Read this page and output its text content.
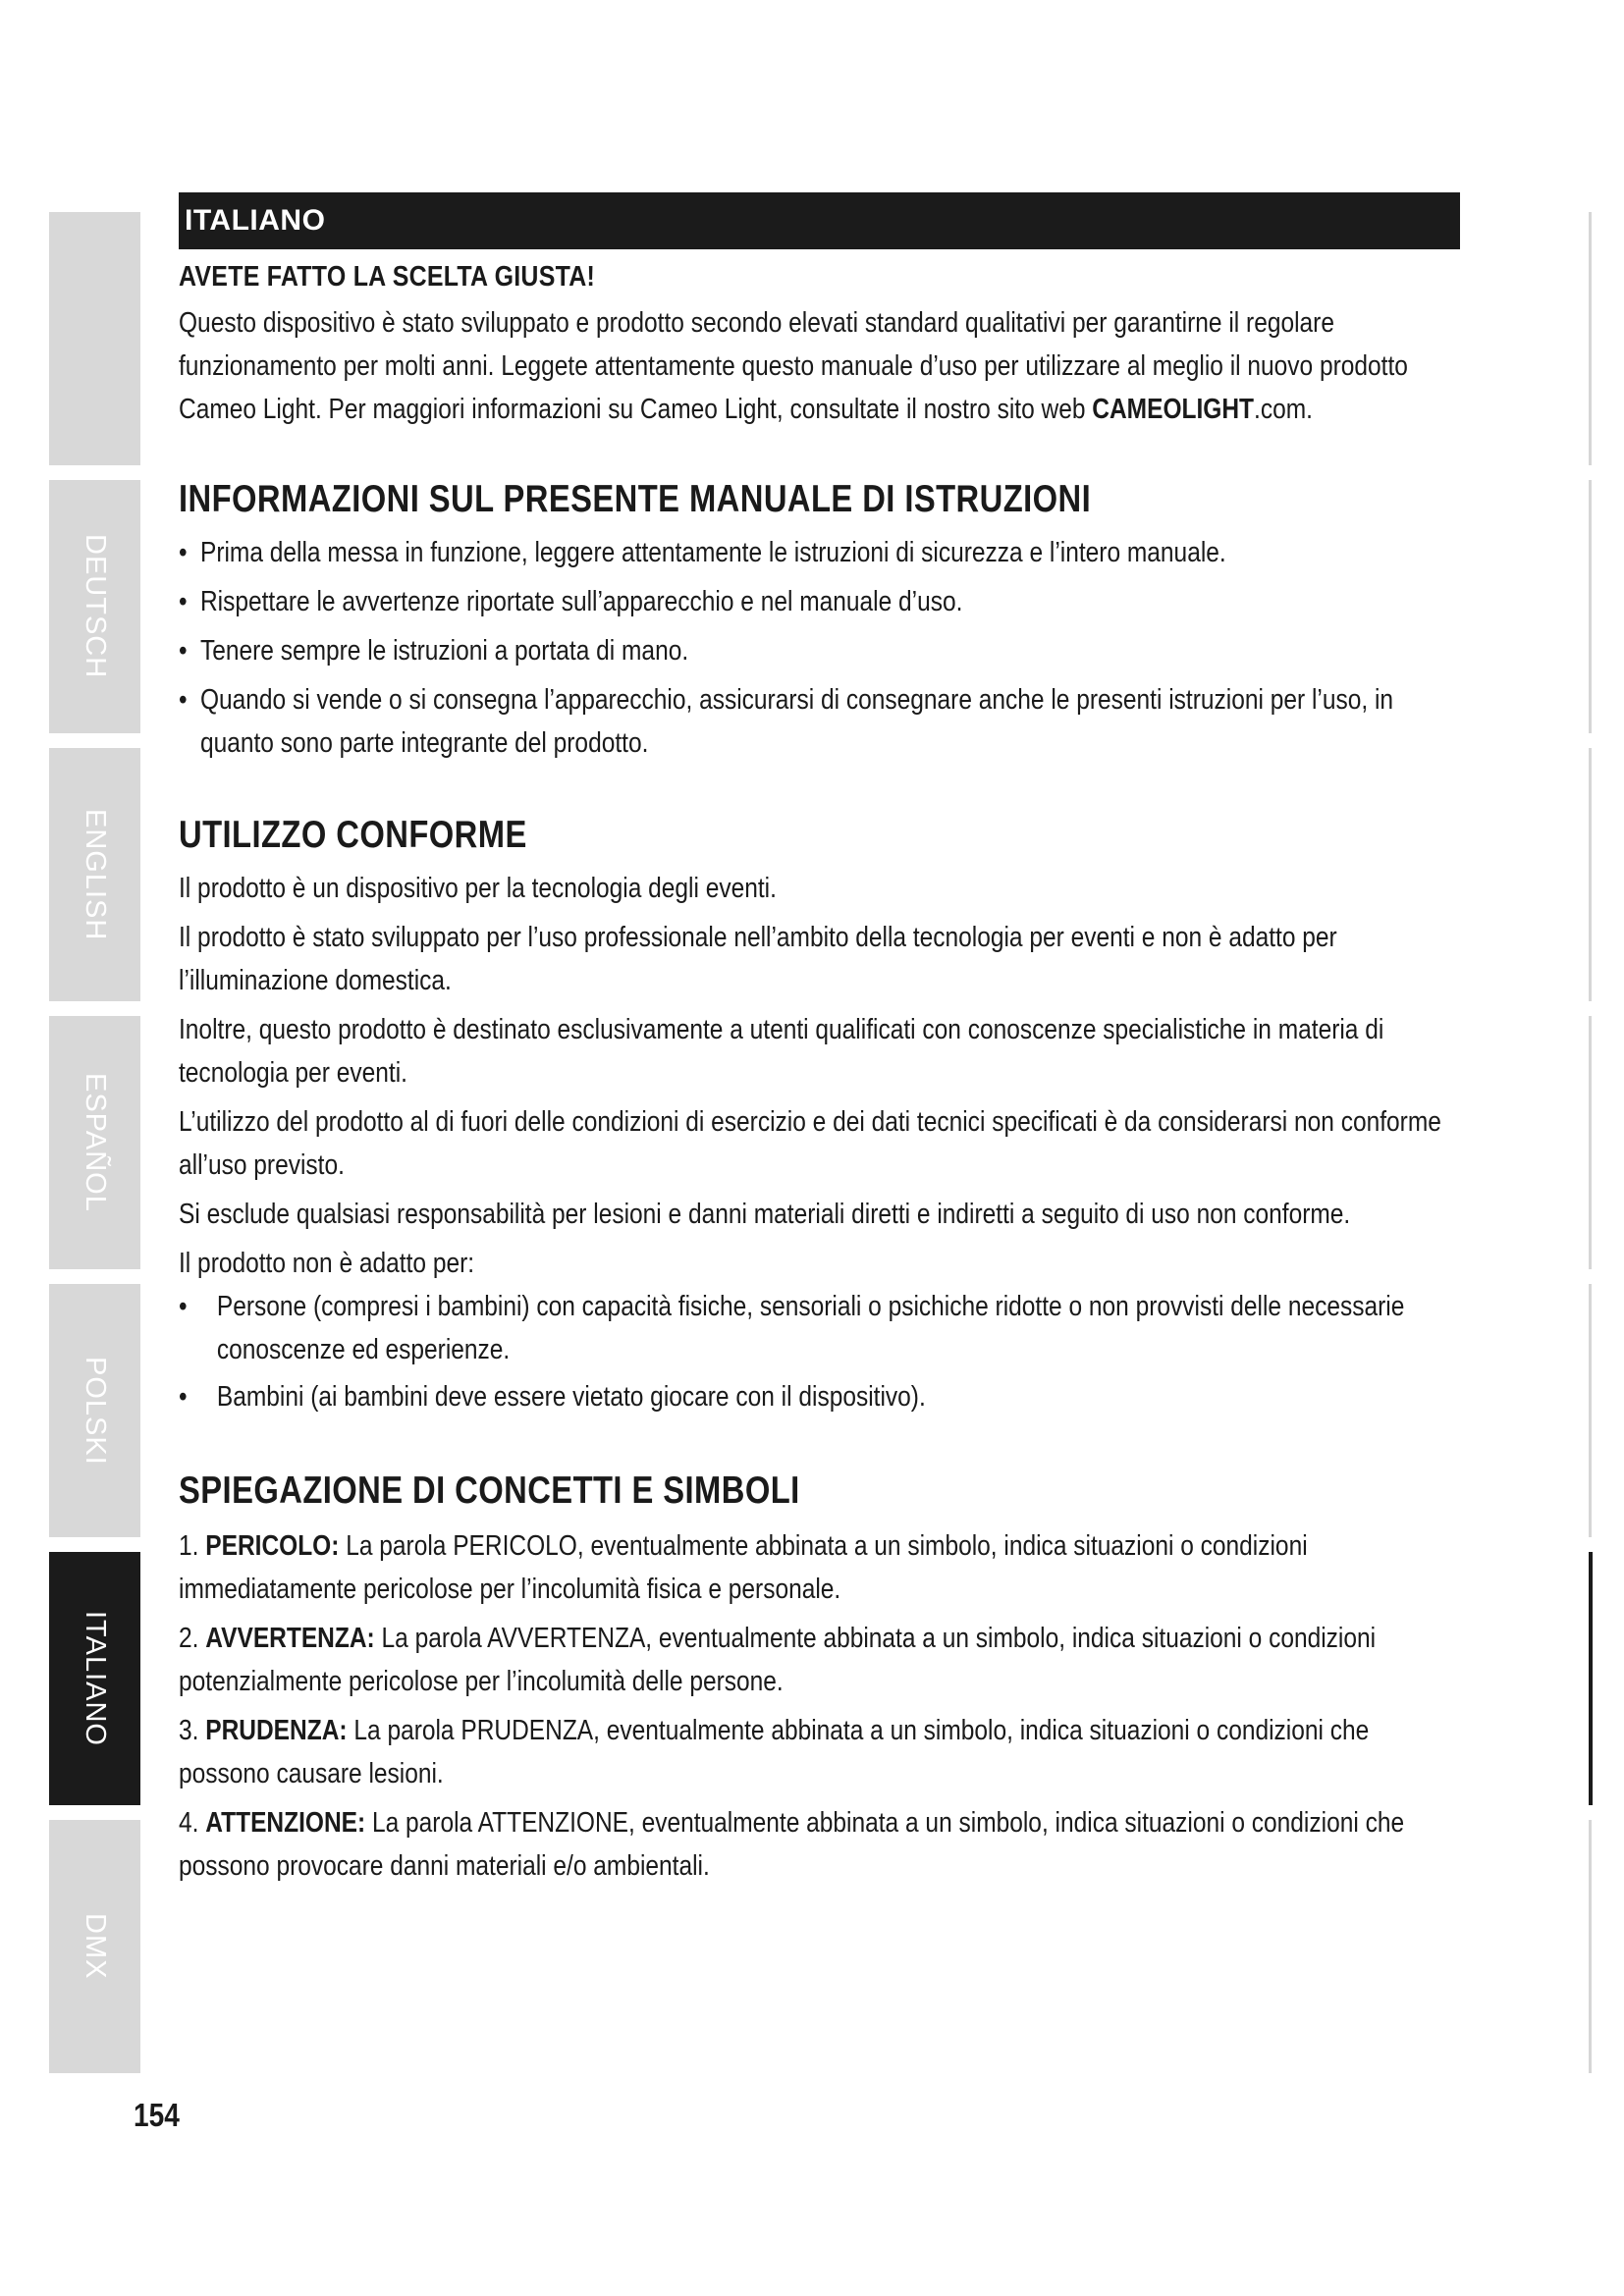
DEUTSCH
ENGLISH
ESPAÑOL
POLSKI
ITALIANO
DMX
ITALIANO
AVETE FATTO LA SCELTA GIUSTA!

Questo dispositivo è stato sviluppato e prodotto secondo elevati standard qualitativi per garantirne il regolare funzionamento per molti anni. Leggete attentamente questo manuale d’uso per utilizzare al meglio il nuovo prodotto Cameo Light. Per maggiori informazioni su Cameo Light, consultate il nostro sito web CAMEOLIGHT.com.

INFORMAZIONI SUL PRESENTE MANUALE DI ISTRUZIONI

• Prima della messa in funzione, leggere attentamente le istruzioni di sicurezza e l’intero manuale.

• Rispettare le avvertenze riportate sull’apparecchio e nel manuale d’uso.

• Tenere sempre le istruzioni a portata di mano.

• Quando si vende o si consegna l’apparecchio, assicurarsi di consegnare anche le presenti istruzioni per l’uso, in quanto sono parte integrante del prodotto.

UTILIZZO CONFORME

Il prodotto è un dispositivo per la tecnologia degli eventi.

Il prodotto è stato sviluppato per l’uso professionale nell’ambito della tecnologia per eventi e non è adatto per l’illuminazione domestica.

Inoltre, questo prodotto è destinato esclusivamente a utenti qualificati con conoscenze specialistiche in materia di tecnologia per eventi.

L’utilizzo del prodotto al di fuori delle condizioni di esercizio e dei dati tecnici specificati è da considerarsi non conforme all’uso previsto.

Si esclude qualsiasi responsabilità per lesioni e danni materiali diretti e indiretti a seguito di uso non conforme.

Il prodotto non è adatto per:

• Persone (compresi i bambini) con capacità fisiche, sensoriali o psichiche ridotte o non provvisti delle necessarie conoscenze ed esperienze.

• Bambini (ai bambini deve essere vietato giocare con il dispositivo).

SPIEGAZIONE DI CONCETTI E SIMBOLI

1. PERICOLO: La parola PERICOLO, eventualmente abbinata a un simbolo, indica situazioni o condizioni immediatamente pericolose per l’incolumità fisica e personale.

2. AVVERTENZA: La parola AVVERTENZA, eventualmente abbinata a un simbolo, indica situazioni o condizioni potenzialmente pericolose per l’incolumità delle persone.

3. PRUDENZA: La parola PRUDENZA, eventualmente abbinata a un simbolo, indica situazioni o condizioni che possono causare lesioni.

4. ATTENZIONE: La parola ATTENZIONE, eventualmente abbinata a un simbolo, indica situazioni o condizioni che possono provocare danni materiali e/o ambientali.

154
